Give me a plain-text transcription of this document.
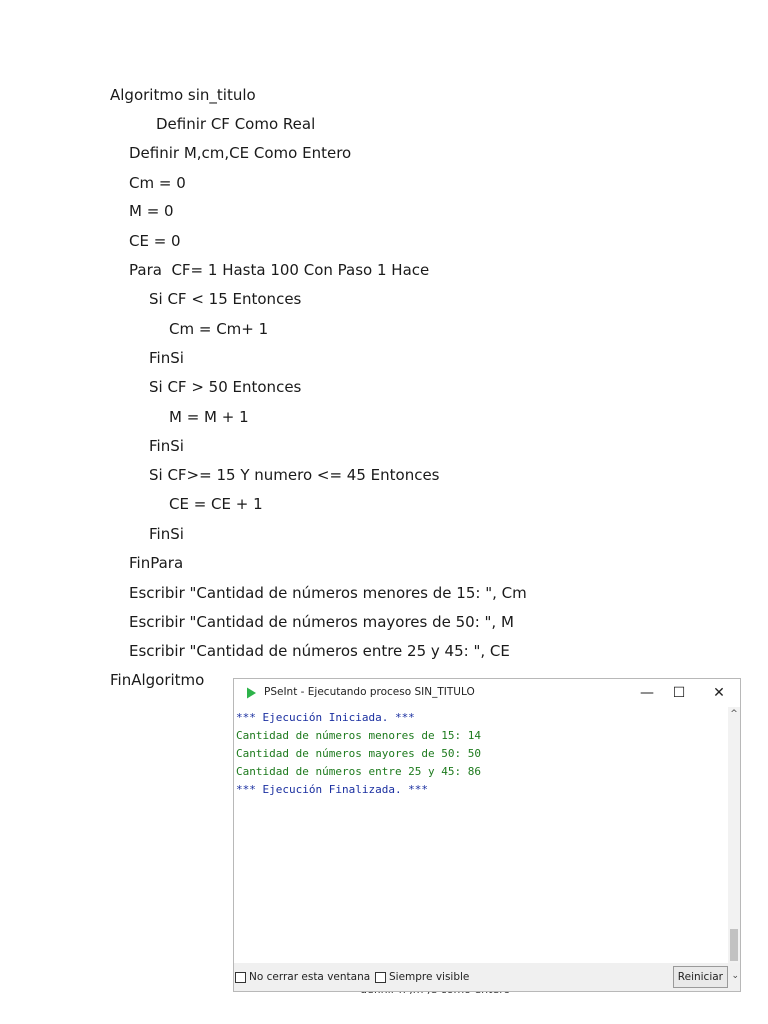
Algoritmo sin_titulo
Definir CF Como Real
Definir M,cm,CE Como Entero
Cm = 0
M = 0
CE = 0
Para  CF= 1 Hasta 100 Con Paso 1 Hace
Si CF < 15 Entonces
Cm = Cm+ 1
FinSi
Si CF > 50 Entonces
M = M + 1
FinSi
Si CF>= 15 Y numero <= 45 Entonces
CE = CE + 1
FinSi
FinPara
Escribir "Cantidad de números menores de 15: ", Cm
Escribir "Cantidad de números mayores de 50: ", M
Escribir "Cantidad de números entre 25 y 45: ", CE
FinAlgoritmo
PSeInt - Ejecutando proceso SIN_TITULO	—	☐	✕
*** Ejecución Iniciada. ***
Cantidad de números menores de 15: 14
Cantidad de números mayores de 50: 50
Cantidad de números entre 25 y 45: 86
*** Ejecución Finalizada. ***
^
No cerrar esta ventana Siempre visible	Reiniciar ⌄
